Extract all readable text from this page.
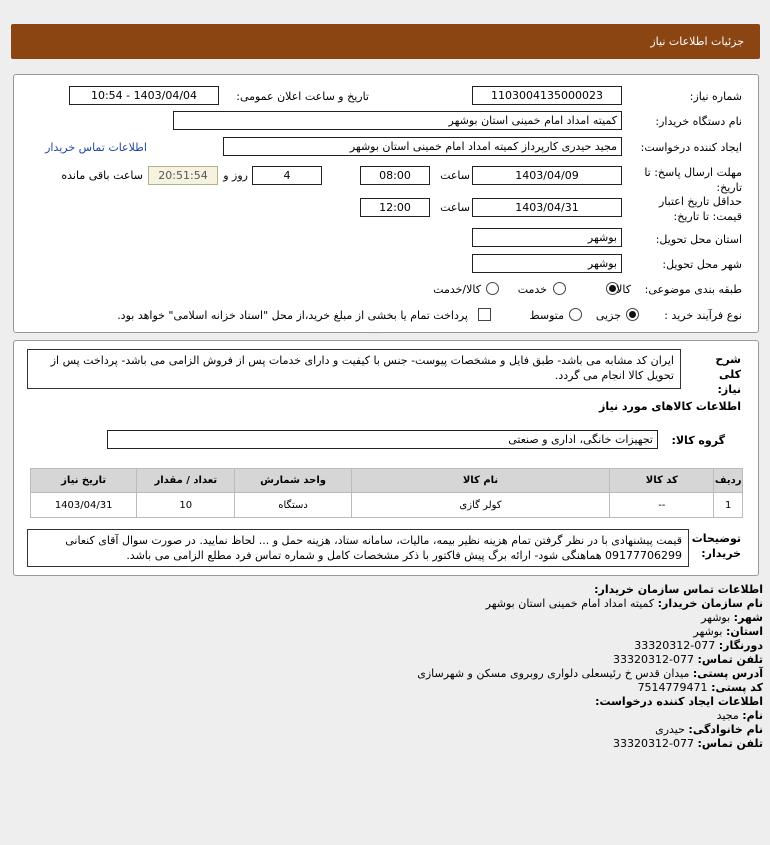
جزئیات اطلاعات نیاز
شماره نیاز:
1103004135000023
تاریخ و ساعت اعلان عمومی:
1403/04/04 - 10:54
نام دستگاه خریدار:
کمیته امداد امام خمینی استان بوشهر
ایجاد کننده درخواست:
مجید حیدری کارپرداز کمیته امداد امام خمینی استان بوشهر
اطلاعات تماس خریدار
مهلت ارسال پاسخ: تا تاریخ:
1403/04/09
ساعت
08:00
4
روز و
20:51:54
ساعت باقی مانده
حداقل تاریخ اعتبار قیمت: تا تاریخ:
1403/04/31
ساعت
12:00
استان محل تحویل:
بوشهر
شهر محل تحویل:
بوشهر
طبقه بندی موضوعی:
کالا
خدمت
کالا/خدمت
نوع فرآیند خرید :
جزیی
متوسط
پرداخت تمام یا بخشی از مبلغ خرید،از محل "اسناد خزانه اسلامی" خواهد بود.
شرح کلی نیاز:
ایران کد مشابه می باشد- طبق فایل و مشخصات پیوست- جنس با کیفیت و دارای خدمات پس از فروش الزامی می باشد- پرداخت پس از تحویل کالا انجام می گردد.
اطلاعات کالاهای مورد نیاز
گروه کالا:
تجهیزات خانگی، اداری و صنعتی
ردیف	کد کالا	نام کالا	واحد شمارش	تعداد / مقدار	تاریخ نیاز
1	--	کولر گازی	دستگاه	10	1403/04/31
توضیحات خریدار:
قیمت پیشنهادی با در نظر گرفتن تمام هزینه نظیر بیمه، مالیات، سامانه ستاد، هزینه حمل و ... لحاظ نمایید. در صورت سوال آقای کنعانی 09177706299 هماهنگی شود- ارائه برگ پیش فاکتور با ذکر مشخصات کامل و شماره تماس فرد مطلع الزامی می باشد.
اطلاعات تماس سازمان خریدار:
نام سازمان خریدار: کمیته امداد امام خمینی استان بوشهر
شهر: بوشهر
استان: بوشهر
دورنگار: 077-33320312
تلفن تماس: 077-33320312
آدرس پستی: میدان قدس خ رئیسعلی دلواری روبروی مسکن و شهرسازی
کد پستی: 7514779471
اطلاعات ایجاد کننده درخواست:
نام: مجید
نام خانوادگی: حیدری
تلفن تماس: 077-33320312
